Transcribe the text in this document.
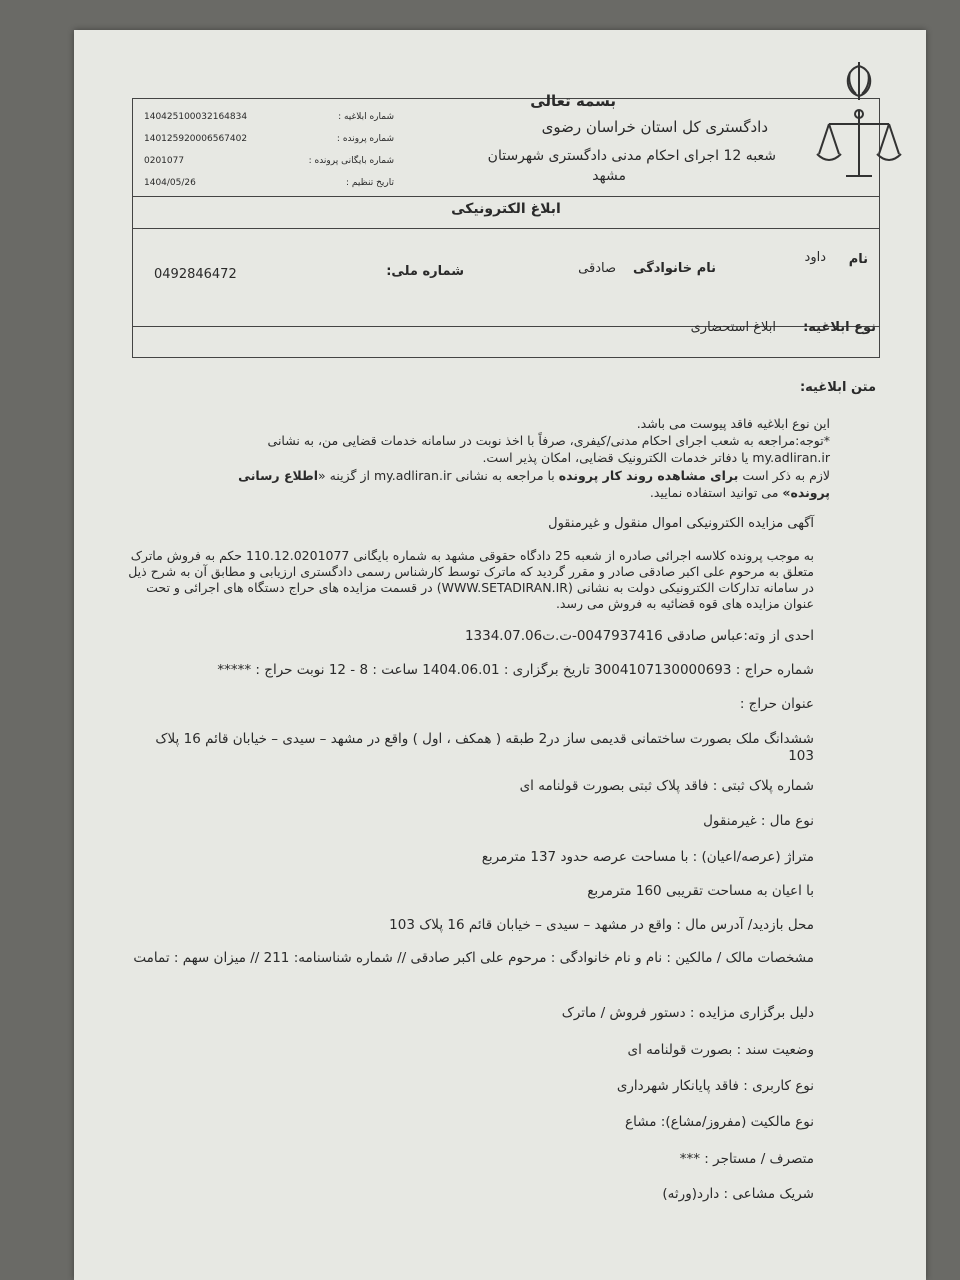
بسمه تعالی
دادگستری کل استان خراسان رضوی
شعبه 12 اجرای احکام مدنی دادگستری شهرستان
مشهد
شماره ابلاغیه :
140425100032164834
شماره پرونده :
140125920006567402
شماره بایگانی پرونده :
0201077
تاریخ تنظیم :
1404/05/26
ابلاغ الکترونیکی
نام
داود
نام خانوادگی
صادقی
شماره ملی:
0492846472
نوع ابلاغیه:
ابلاغ استحضاری
متن ابلاغیه:
این نوع ابلاغیه فاقد پیوست می باشد.
*توجه:مراجعه به شعب اجرای احکام مدنی/کیفری، صرفاً با اخذ نوبت در سامانه خدمات قضایی من، به نشانی
my.adliran.ir یا دفاتر خدمات الکترونیک قضایی، امکان پذیر است.
لازم به ذکر است برای مشاهده روند کار پرونده با مراجعه به نشانی my.adliran.ir از گزینه «اطلاع رسانی
پرونده» می توانید استفاده نمایید.
آگهی مزایده الکترونیکی اموال منقول و غیرمنقول
به موجب پرونده کلاسه اجرائی صادره از شعبه 25 دادگاه حقوقی مشهد به شماره بایگانی 110.12.0201077 حکم به فروش ماترک متعلق به مرحوم علی اکبر صادقی صادر و مقرر گردید که ماترک توسط کارشناس رسمی دادگستری ارزیابی و مطابق آن به شرح ذیل در سامانه تدارکات الکترونیکی دولت به نشانی (WWW.SETADIRAN.IR) در قسمت مزایده های حراج دستگاه های اجرائی و تحت عنوان مزایده های قوه قضائیه به فروش می رسد.
احدی از وته:عباس صادقی 0047937416-ت.ت1334.07.06
شماره حراج : 3004107130000693 تاریخ برگزاری : 1404.06.01 ساعت : 8 - 12 نوبت حراج : *****
عنوان حراج :
ششدانگ ملک بصورت ساختمانی قدیمی ساز در2 طبقه ( همکف ، اول ) واقع در مشهد – سیدی – خیابان قائم 16 پلاک 103
شماره پلاک ثبتی : فاقد پلاک ثبتی بصورت قولنامه ای
نوع مال : غیرمنقول
متراژ (عرصه/اعیان) : با مساحت عرصه حدود 137 مترمربع
با اعیان به مساحت تقریبی 160 مترمربع
محل بازدید/ آدرس مال : واقع در مشهد – سیدی – خیابان قائم 16 پلاک 103
مشخصات مالک / مالکین : نام و نام خانوادگی : مرحوم علی اکبر صادقی // شماره شناسنامه: 211 // میزان سهم : تمامت
دلیل برگزاری مزایده : دستور فروش / ماترک
وضعیت سند : بصورت قولنامه ای
نوع کاربری : فاقد پایانکار شهرداری
نوع مالکیت (مفروز/مشاع): مشاع
متصرف / مستاجر : ***
شریک مشاعی : دارد(ورثه)
